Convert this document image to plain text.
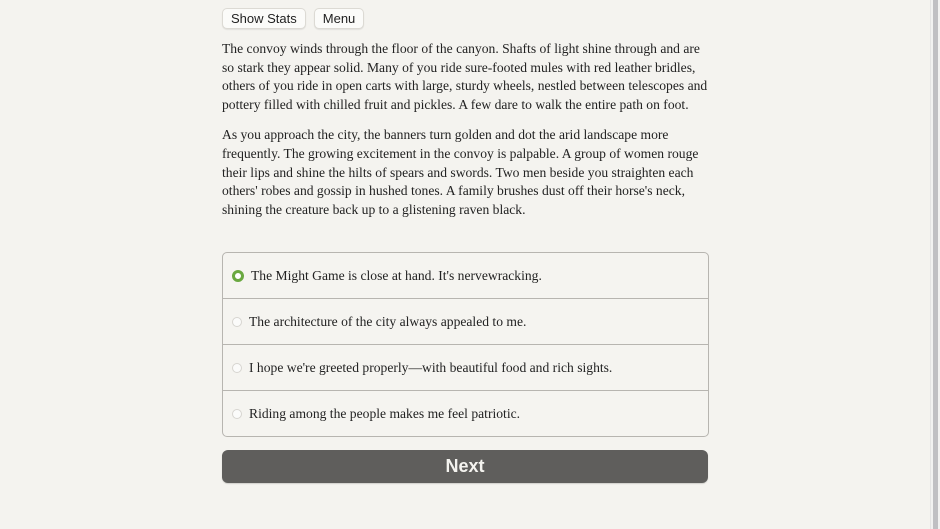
Show Stats	Menu

The convoy winds through the floor of the canyon. Shafts of light shine through and are so stark they appear solid. Many of you ride sure-footed mules with red leather bridles, others of you ride in open carts with large, sturdy wheels, nestled between telescopes and pottery filled with chilled fruit and pickles. A few dare to walk the entire path on foot.

As you approach the city, the banners turn golden and dot the arid landscape more frequently. The growing excitement in the convoy is palpable. A group of women rouge their lips and shine the hilts of spears and swords. Two men beside you straighten each others' robes and gossip in hushed tones. A family brushes dust off their horse's neck, shining the creature back up to a glistening raven black.

The Might Game is close at hand. It's nervewracking.
The architecture of the city always appealed to me.
I hope we're greeted properly—with beautiful food and rich sights.
Riding among the people makes me feel patriotic.
Next
